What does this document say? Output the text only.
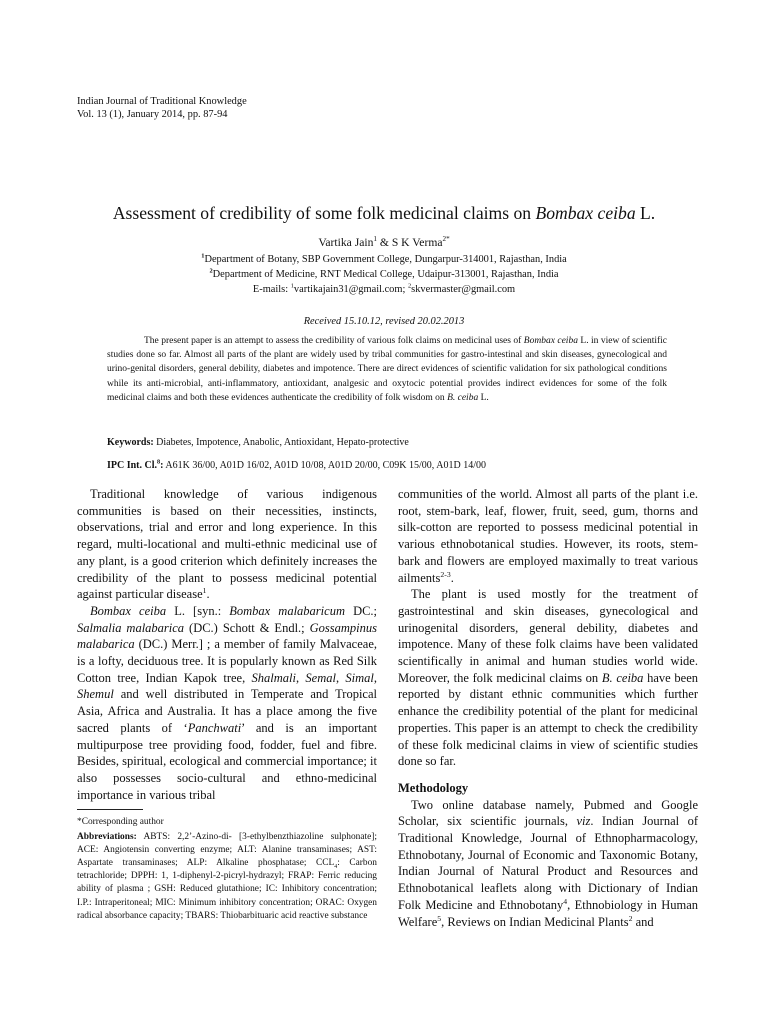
Indian Journal of Traditional Knowledge
Vol. 13 (1), January 2014, pp. 87-94
Assessment of credibility of some folk medicinal claims on Bombax ceiba L.
Vartika Jain$^1$ & S K Verma$^{2*}$
$^1$Department of Botany, SBP Government College, Dungarpur-314001, Rajasthan, India
$^2$Department of Medicine, RNT Medical College, Udaipur-313001, Rajasthan, India
E-mails: $^1$vartikajain31@gmail.com; $^2$skvermaster@gmail.com
Received 15.10.12, revised 20.02.2013

The present paper is an attempt to assess the credibility of various folk claims on medicinal uses of Bombax ceiba L. in view of scientific studies done so far. Almost all parts of the plant are widely used by tribal communities for gastro-intestinal and skin diseases, gynecological and urino-genital disorders, general debility, diabetes and impotence. There are direct evidences of scientific validation for six pathological conditions while its anti-microbial, anti-inflammatory, antioxidant, analgesic and oxytocic potential provides indirect evidences for some of the folk medicinal claims and both these evidences authenticate the credibility of folk wisdom on B. ceiba L.

Keywords: Diabetes, Impotence, Anabolic, Antioxidant, Hepato-protective
IPC Int. Cl.$^8$: A61K 36/00, A01D 16/02, A01D 10/08, A01D 20/00, C09K 15/00, A01D 14/00

Traditional knowledge of various indigenous communities is based on their necessities, instincts, observations, trial and error and long experience. In this regard, multi-locational and multi-ethnic medicinal use of any plant, is a good criterion which definitely increases the credibility of the plant to possess medicinal potential against particular disease$^1$.

Bombax ceiba L. [syn.: Bombax malabaricum DC.; Salmalia malabarica (DC.) Schott & Endl.; Gossampinus malabarica (DC.) Merr.] ; a member of family Malvaceae, is a lofty, deciduous tree. It is popularly known as Red Silk Cotton tree, Indian Kapok tree, Shalmali, Semal, Simal, Shemul and well distributed in Temperate and Tropical Asia, Africa and Australia. It has a place among the five sacred plants of ‘Panchwati’ and is an important multipurpose tree providing food, fodder, fuel and fibre. Besides, spiritual, ecological and commercial importance; it also possesses socio-cultural and ethno-medicinal importance in various tribal

*Corresponding author

Abbreviations: ABTS: 2,2’-Azino-di- [3-ethylbenzthiazoline sulphonate]; ACE: Angiotensin converting enzyme; ALT: Alanine transaminases; AST: Aspartate transaminases; ALP: Alkaline phosphatase; $CCL_4$: Carbon tetrachloride; DPPH: 1, 1-diphenyl-2-picryl-hydrazyl; FRAP: Ferric reducing ability of plasma ; GSH: Reduced glutathione; IC: Inhibitory concentration; I.P.: Intraperitoneal; MIC: Minimum inhibitory concentration; ORAC: Oxygen radical absorbance capacity; TBARS: Thiobarbituaric acid reactive substance

communities of the world. Almost all parts of the plant i.e. root, stem-bark, leaf, flower, fruit, seed, gum, thorns and silk-cotton are reported to possess medicinal potential in various ethnobotanical studies. However, its roots, stem-bark and flowers are employed maximally to treat various ailments$^{2-3}$.

The plant is used mostly for the treatment of gastrointestinal and skin diseases, gynecological and urinogenital disorders, general debility, diabetes and impotence. Many of these folk claims have been validated scientifically in animal and human studies world wide. Moreover, the folk medicinal claims on B. ceiba have been reported by distant ethnic communities which further enhance the credibility potential of the plant for medicinal properties. This paper is an attempt to check the credibility of these folk medicinal claims in view of scientific studies done so far.

Methodology

Two online database namely, Pubmed and Google Scholar, six scientific journals, viz. Indian Journal of Traditional Knowledge, Journal of Ethnopharmacology, Ethnobotany, Journal of Economic and Taxonomic Botany, Indian Journal of Natural Product and Resources and Ethnobotanical leaflets along with Dictionary of Indian Folk Medicine and Ethnobotany$^4$, Ethnobiology in Human Welfare$^5$, Reviews on Indian Medicinal Plants$^2$ and
